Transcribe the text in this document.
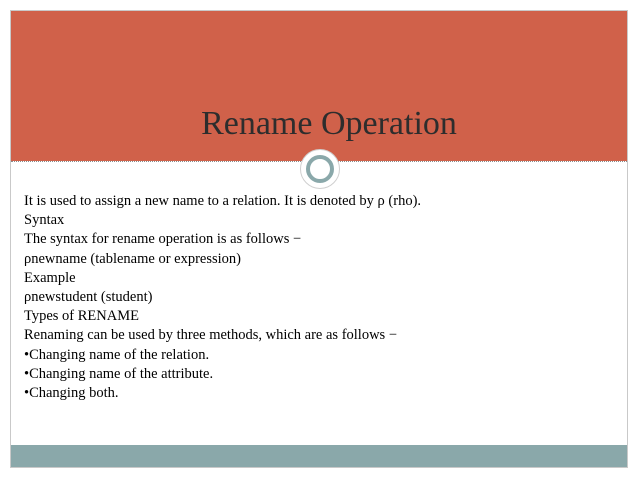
Rename Operation
It is used to assign a new name to a relation. It is denoted by ρ (rho).
Syntax
The syntax for rename operation is as follows −
ρnewname (tablename or expression)
Example
ρnewstudent (student)
Types of RENAME
Renaming can be used by three methods, which are as follows −
•Changing name of the relation.
•Changing name of the attribute.
•Changing both.
